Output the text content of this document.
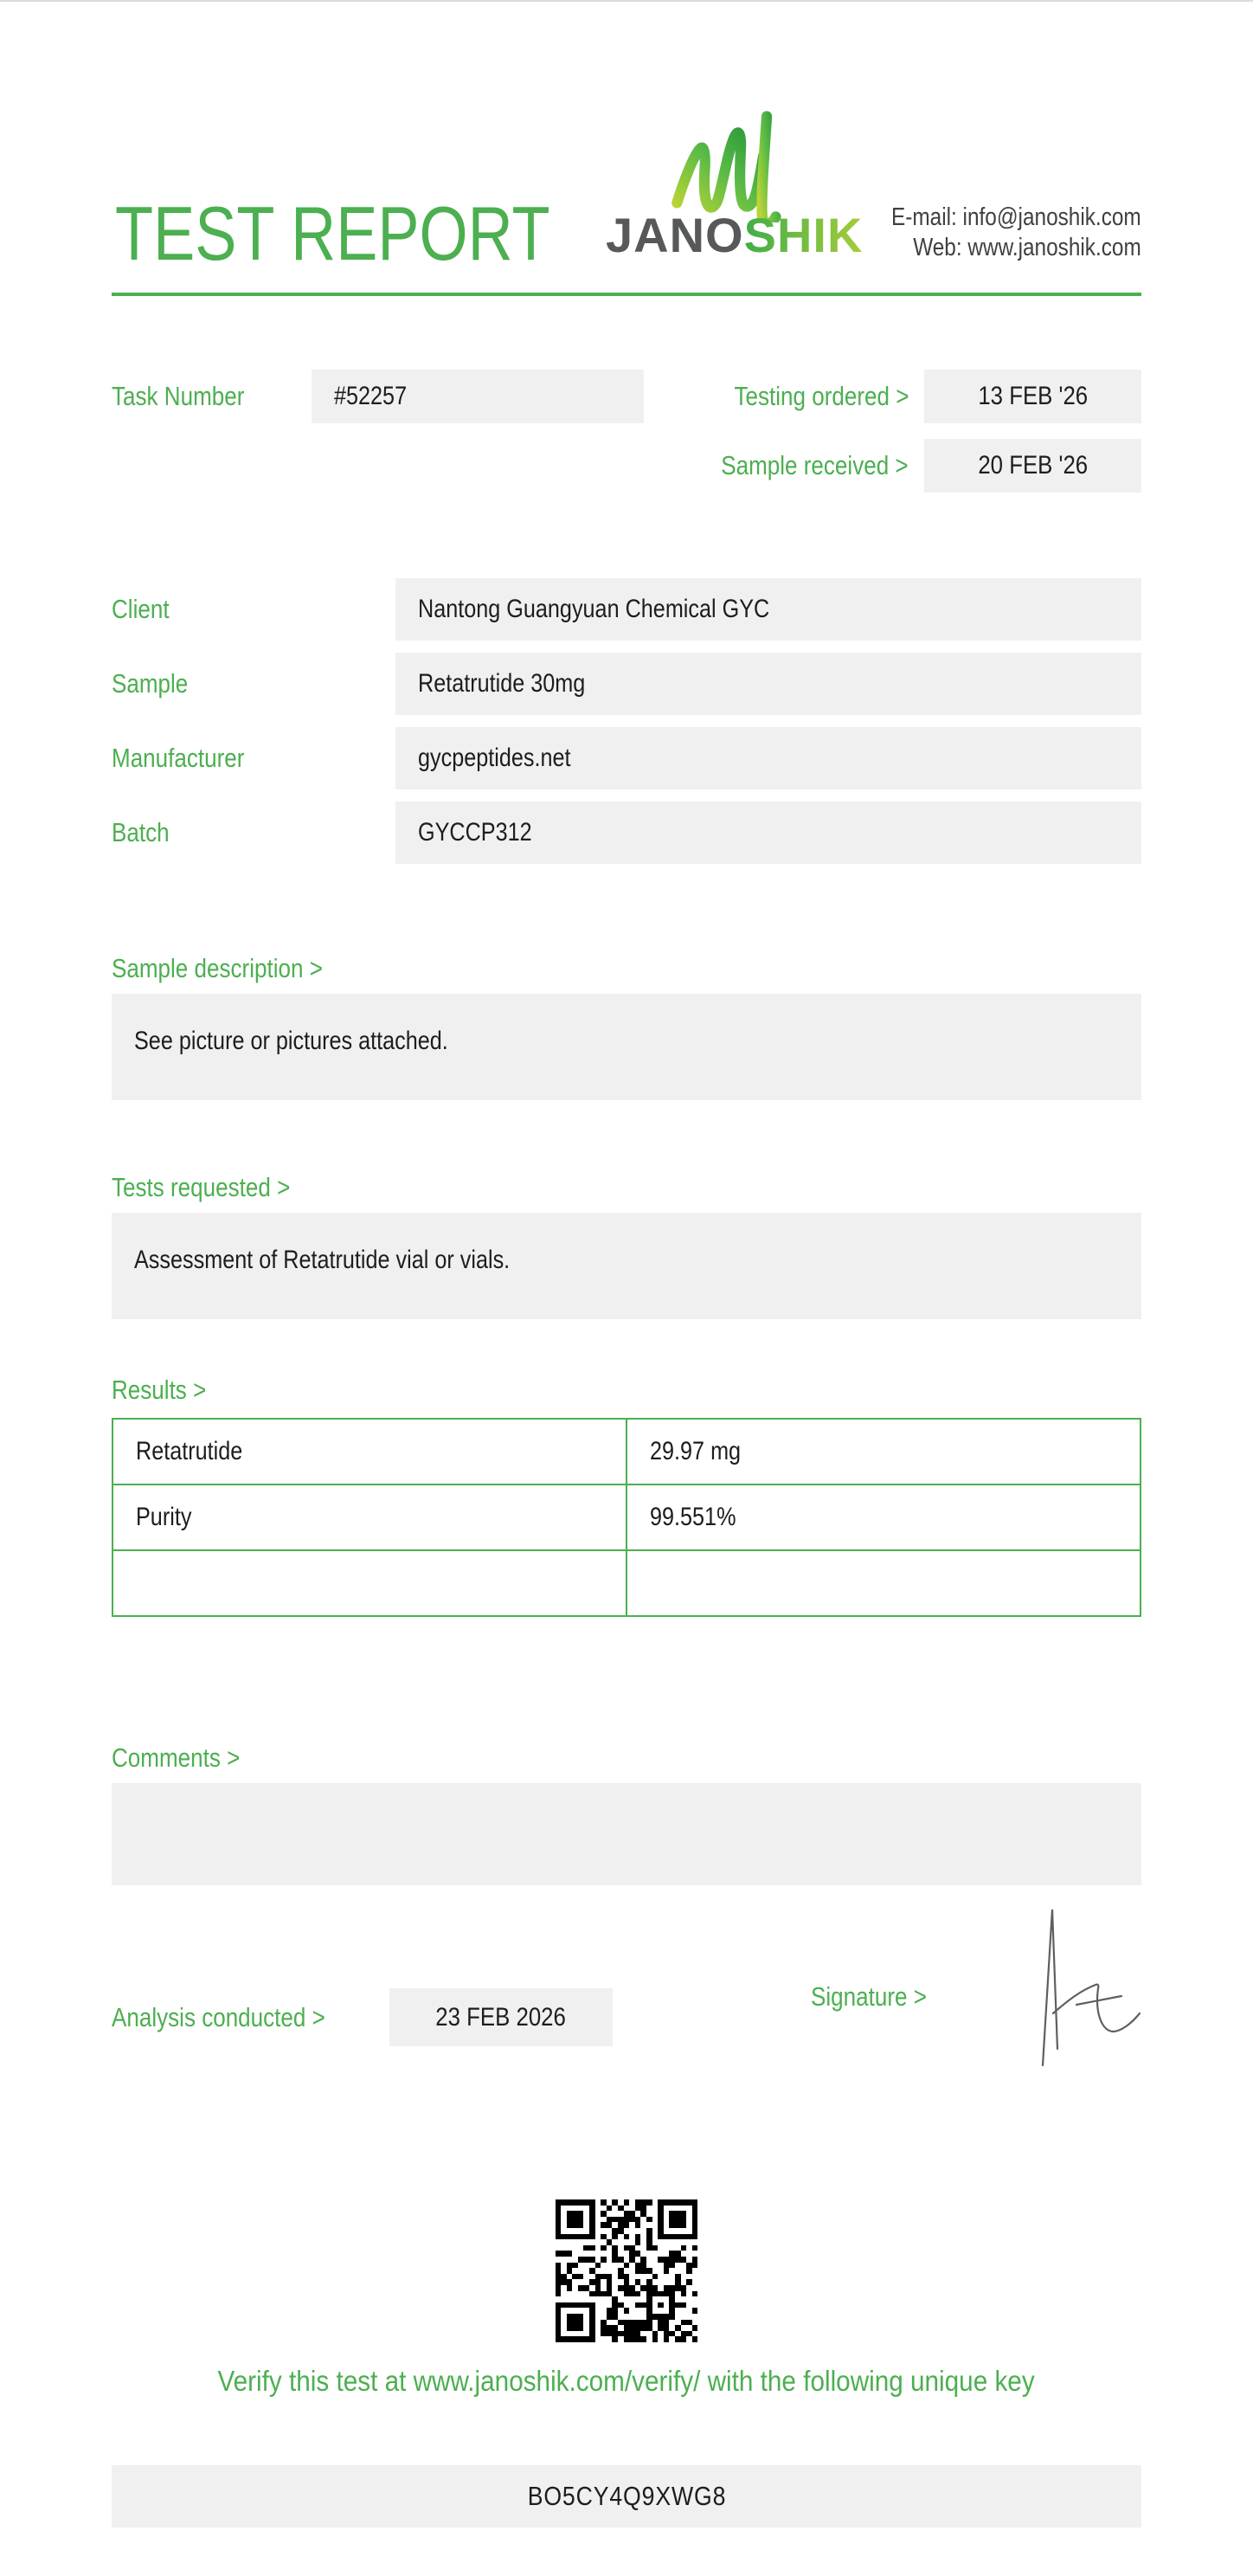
TEST REPORT	JANOSHIK	E-mail: info@janoshik.com
Web: www.janoshik.com
Task Number	#52257	Testing ordered >	13 FEB '26
Sample received >	20 FEB '26
Client	Nantong Guangyuan Chemical GYC
Sample	Retatrutide 30mg
Manufacturer	gycpeptides.net
Batch	GYCCP312
Sample description >
See picture or pictures attached.
Tests requested >
Assessment of Retatrutide vial or vials.
Results >
Retatrutide	29.97 mg
Purity	99.551%

Comments >
Analysis conducted >	23 FEB 2026
Signature >
Verify this test at www.janoshik.com/verify/ with the following unique key
BO5CY4Q9XWG8
